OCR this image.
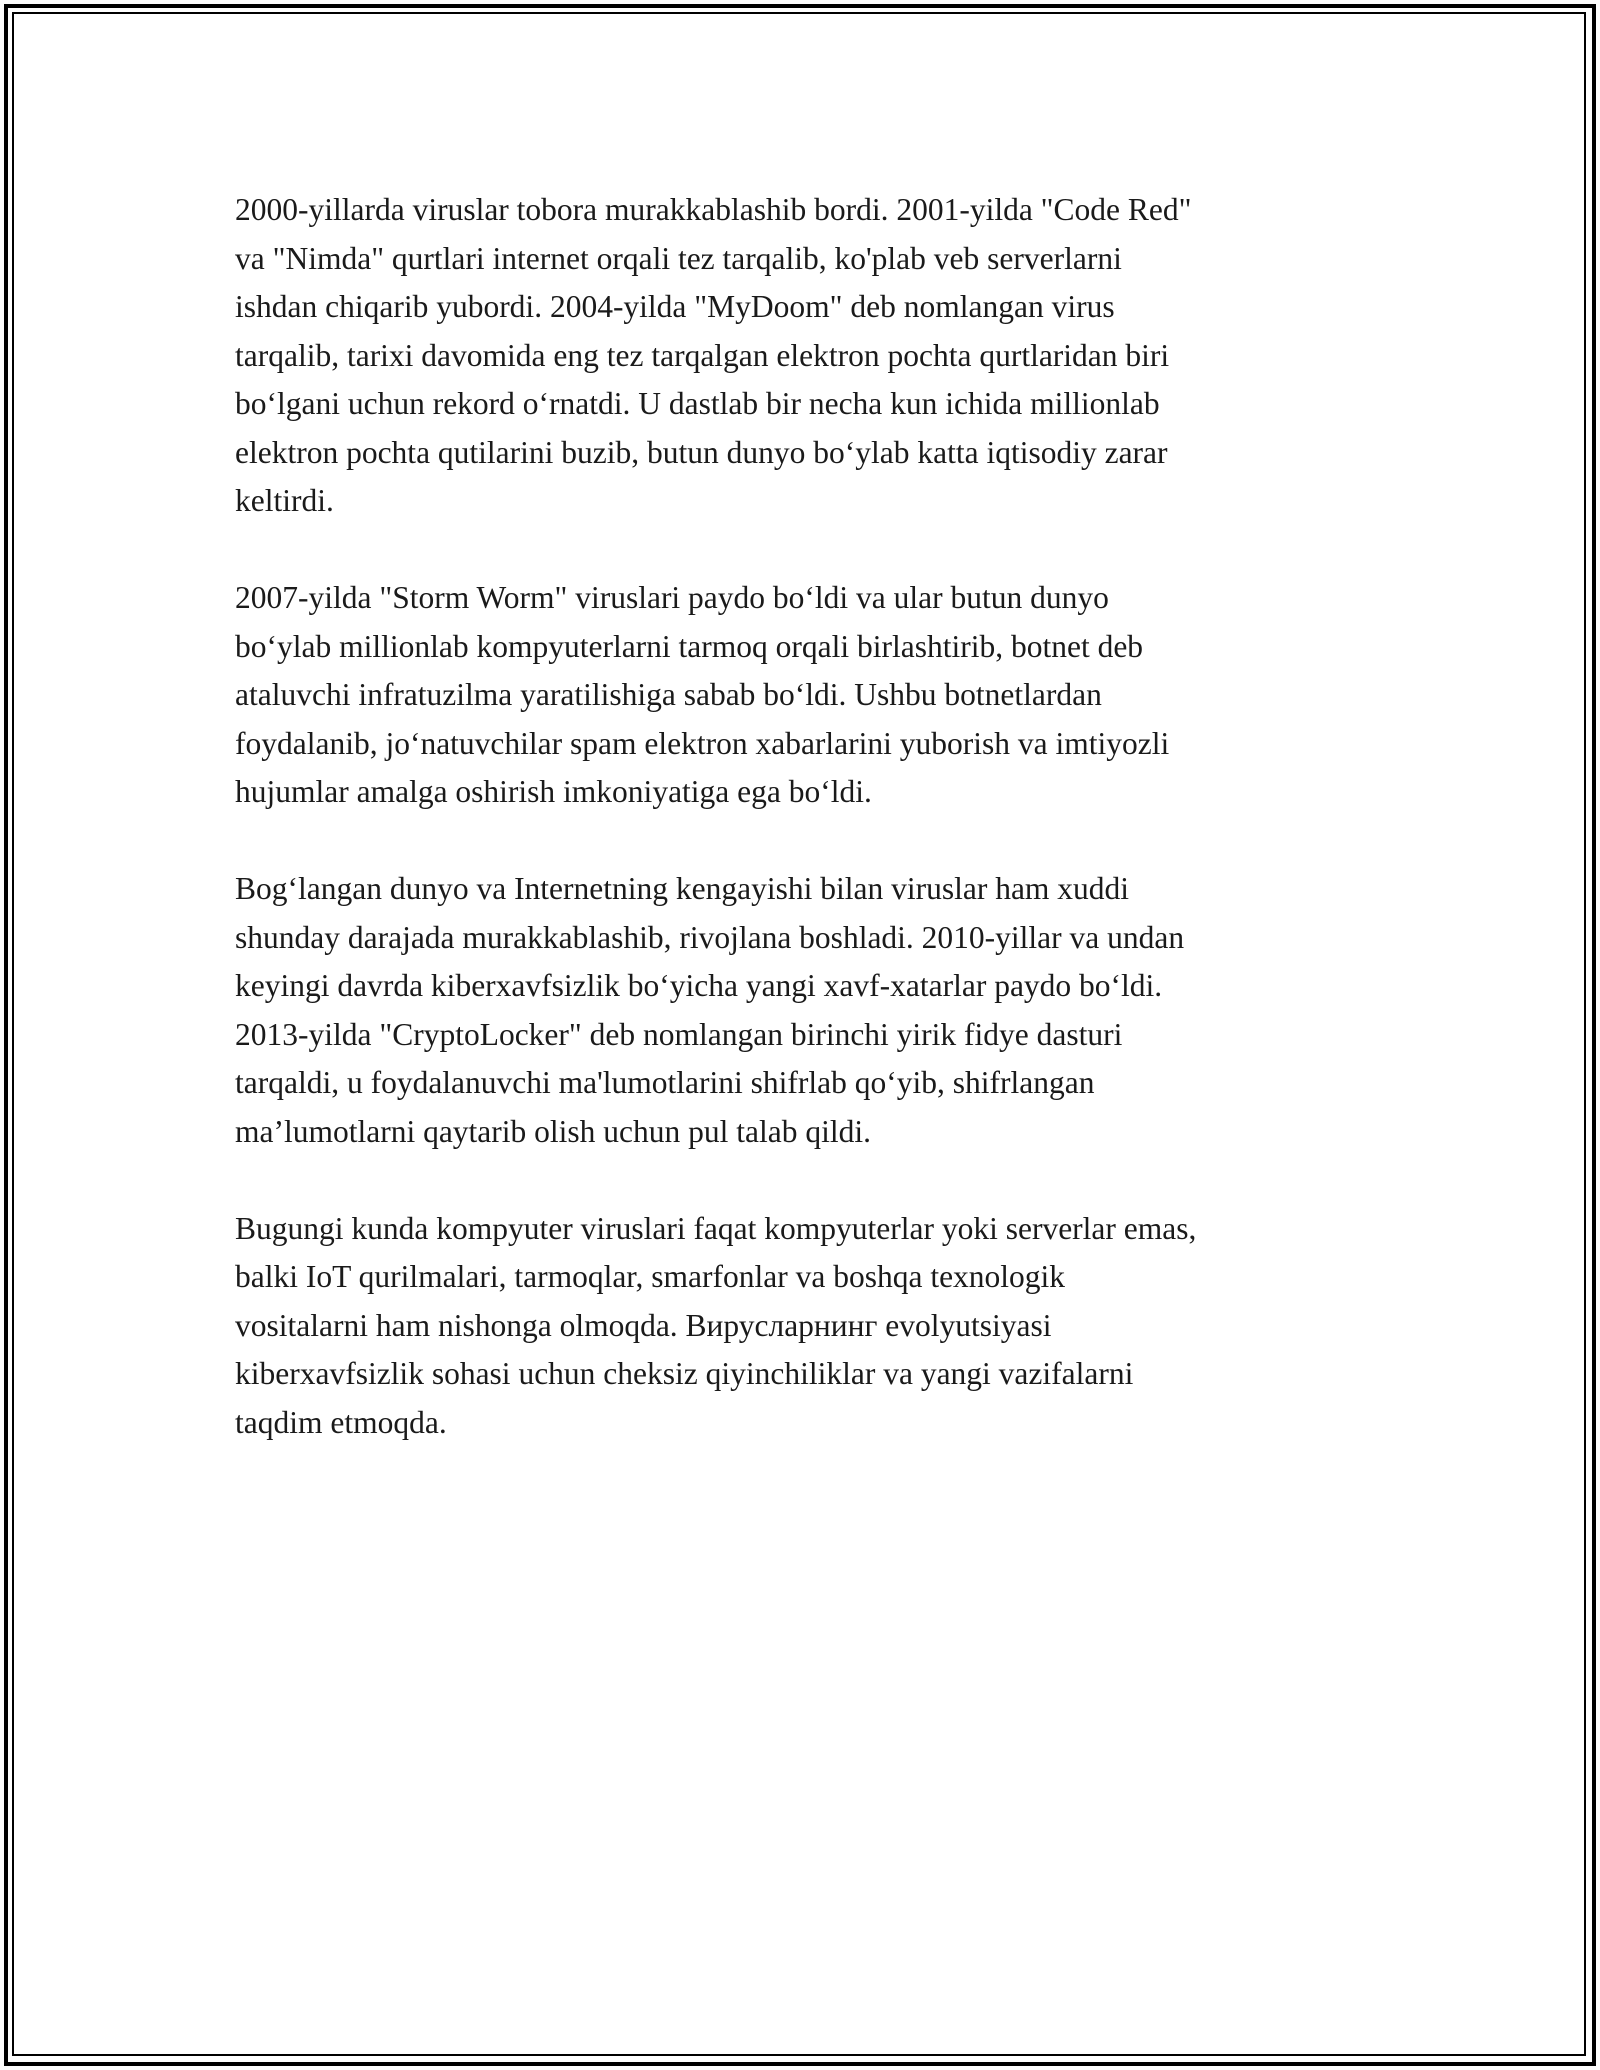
2000-yillarda viruslar tobora murakkablashib bordi. 2001-yilda "Code Red"
va "Nimda" qurtlari internet orqali tez tarqalib, ko'plab veb serverlarni
ishdan chiqarib yubordi. 2004-yilda "MyDoom" deb nomlangan virus
tarqalib, tarixi davomida eng tez tarqalgan elektron pochta qurtlaridan biri
bo‘lgani uchun rekord o‘rnatdi. U dastlab bir necha kun ichida millionlab
elektron pochta qutilarini buzib, butun dunyo bo‘ylab katta iqtisodiy zarar
keltirdi.

2007-yilda "Storm Worm" viruslari paydo bo‘ldi va ular butun dunyo
bo‘ylab millionlab kompyuterlarni tarmoq orqali birlashtirib, botnet deb
ataluvchi infratuzilma yaratilishiga sabab bo‘ldi. Ushbu botnetlardan
foydalanib, jo‘natuvchilar spam elektron xabarlarini yuborish va imtiyozli
hujumlar amalga oshirish imkoniyatiga ega bo‘ldi.

Bog‘langan dunyo va Internetning kengayishi bilan viruslar ham xuddi
shunday darajada murakkablashib, rivojlana boshladi. 2010-yillar va undan
keyingi davrda kiberxavfsizlik bo‘yicha yangi xavf-xatarlar paydo bo‘ldi.
2013-yilda "CryptoLocker" deb nomlangan birinchi yirik fidye dasturi
tarqaldi, u foydalanuvchi ma'lumotlarini shifrlab qo‘yib, shifrlangan
ma’lumotlarni qaytarib olish uchun pul talab qildi.

Bugungi kunda kompyuter viruslari faqat kompyuterlar yoki serverlar emas,
balki IoT qurilmalari, tarmoqlar, smarfonlar va boshqa texnologik
vositalarni ham nishonga olmoqda. Вируcларнинг evolyutsiyasi
kiberxavfsizlik sohasi uchun cheksiz qiyinchiliklar va yangi vazifalarni
taqdim etmoqda.
